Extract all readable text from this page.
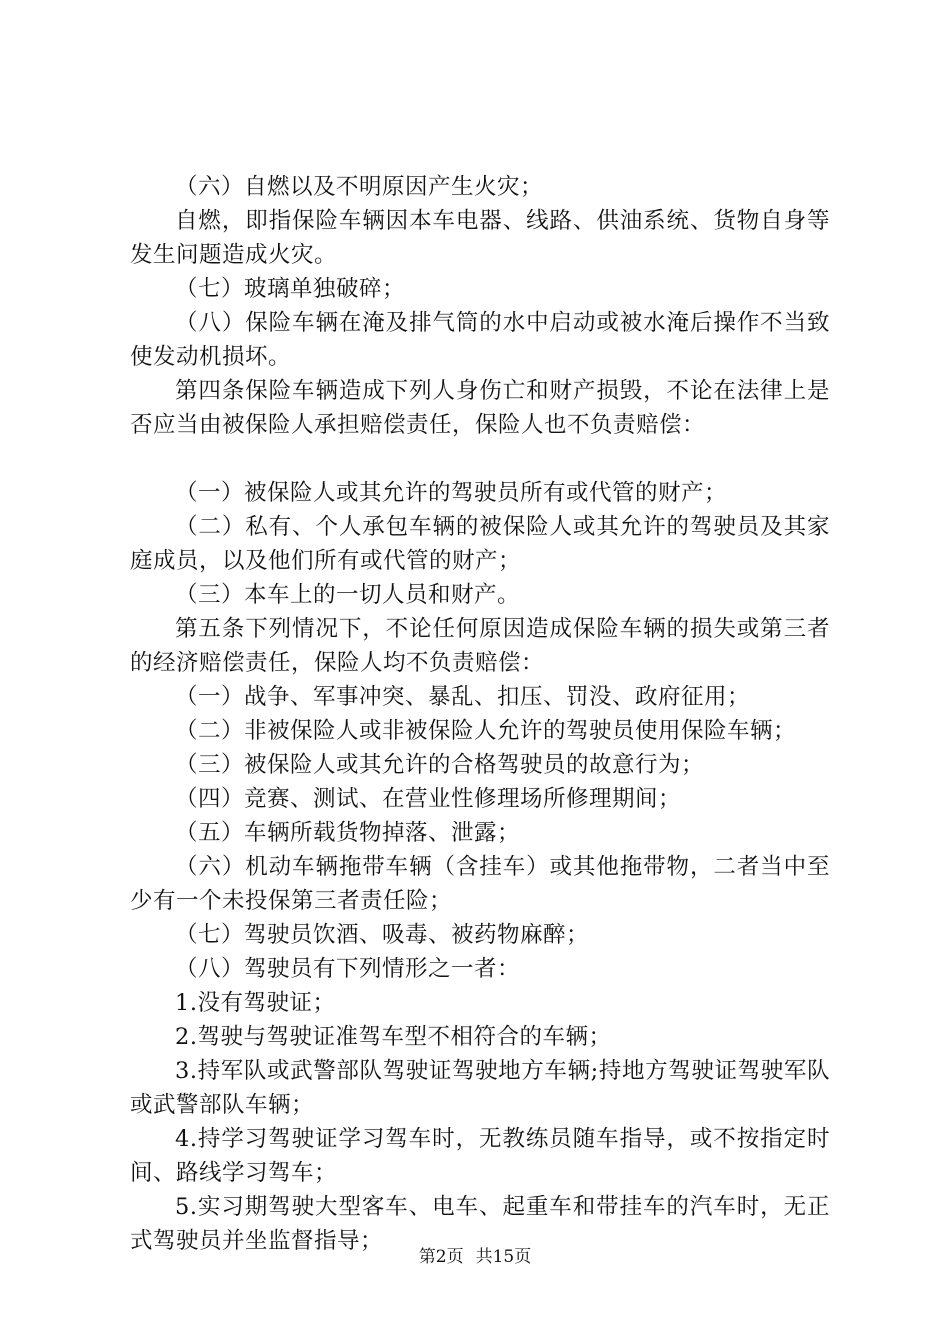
（六）自燃以及不明原因产生火灾；

自燃，即指保险车辆因本车电器、线路、供油系统、货物自身等发生问题造成火灾。

（七）玻璃单独破碎；

（八）保险车辆在淹及排气筒的水中启动或被水淹后操作不当致使发动机损坏。

第四条保险车辆造成下列人身伤亡和财产损毁，不论在法律上是否应当由被保险人承担赔偿责任，保险人也不负责赔偿：

（一）被保险人或其允许的驾驶员所有或代管的财产；

（二）私有、个人承包车辆的被保险人或其允许的驾驶员及其家庭成员，以及他们所有或代管的财产；

（三）本车上的一切人员和财产。

第五条下列情况下，不论任何原因造成保险车辆的损失或第三者的经济赔偿责任，保险人均不负责赔偿：

（一）战争、军事冲突、暴乱、扣压、罚没、政府征用；

（二）非被保险人或非被保险人允许的驾驶员使用保险车辆；

（三）被保险人或其允许的合格驾驶员的故意行为；

（四）竞赛、测试、在营业性修理场所修理期间；

（五）车辆所载货物掉落、泄露；

（六）机动车辆拖带车辆（含挂车）或其他拖带物，二者当中至少有一个未投保第三者责任险；

（七）驾驶员饮酒、吸毒、被药物麻醉；

（八）驾驶员有下列情形之一者：

1.没有驾驶证；

2.驾驶与驾驶证准驾车型不相符合的车辆；

3.持军队或武警部队驾驶证驾驶地方车辆;持地方驾驶证驾驶军队或武警部队车辆；

4.持学习驾驶证学习驾车时，无教练员随车指导，或不按指定时间、路线学习驾车；

5.实习期驾驶大型客车、电车、起重车和带挂车的汽车时，无正式驾驶员并坐监督指导；

第2页 共15页
